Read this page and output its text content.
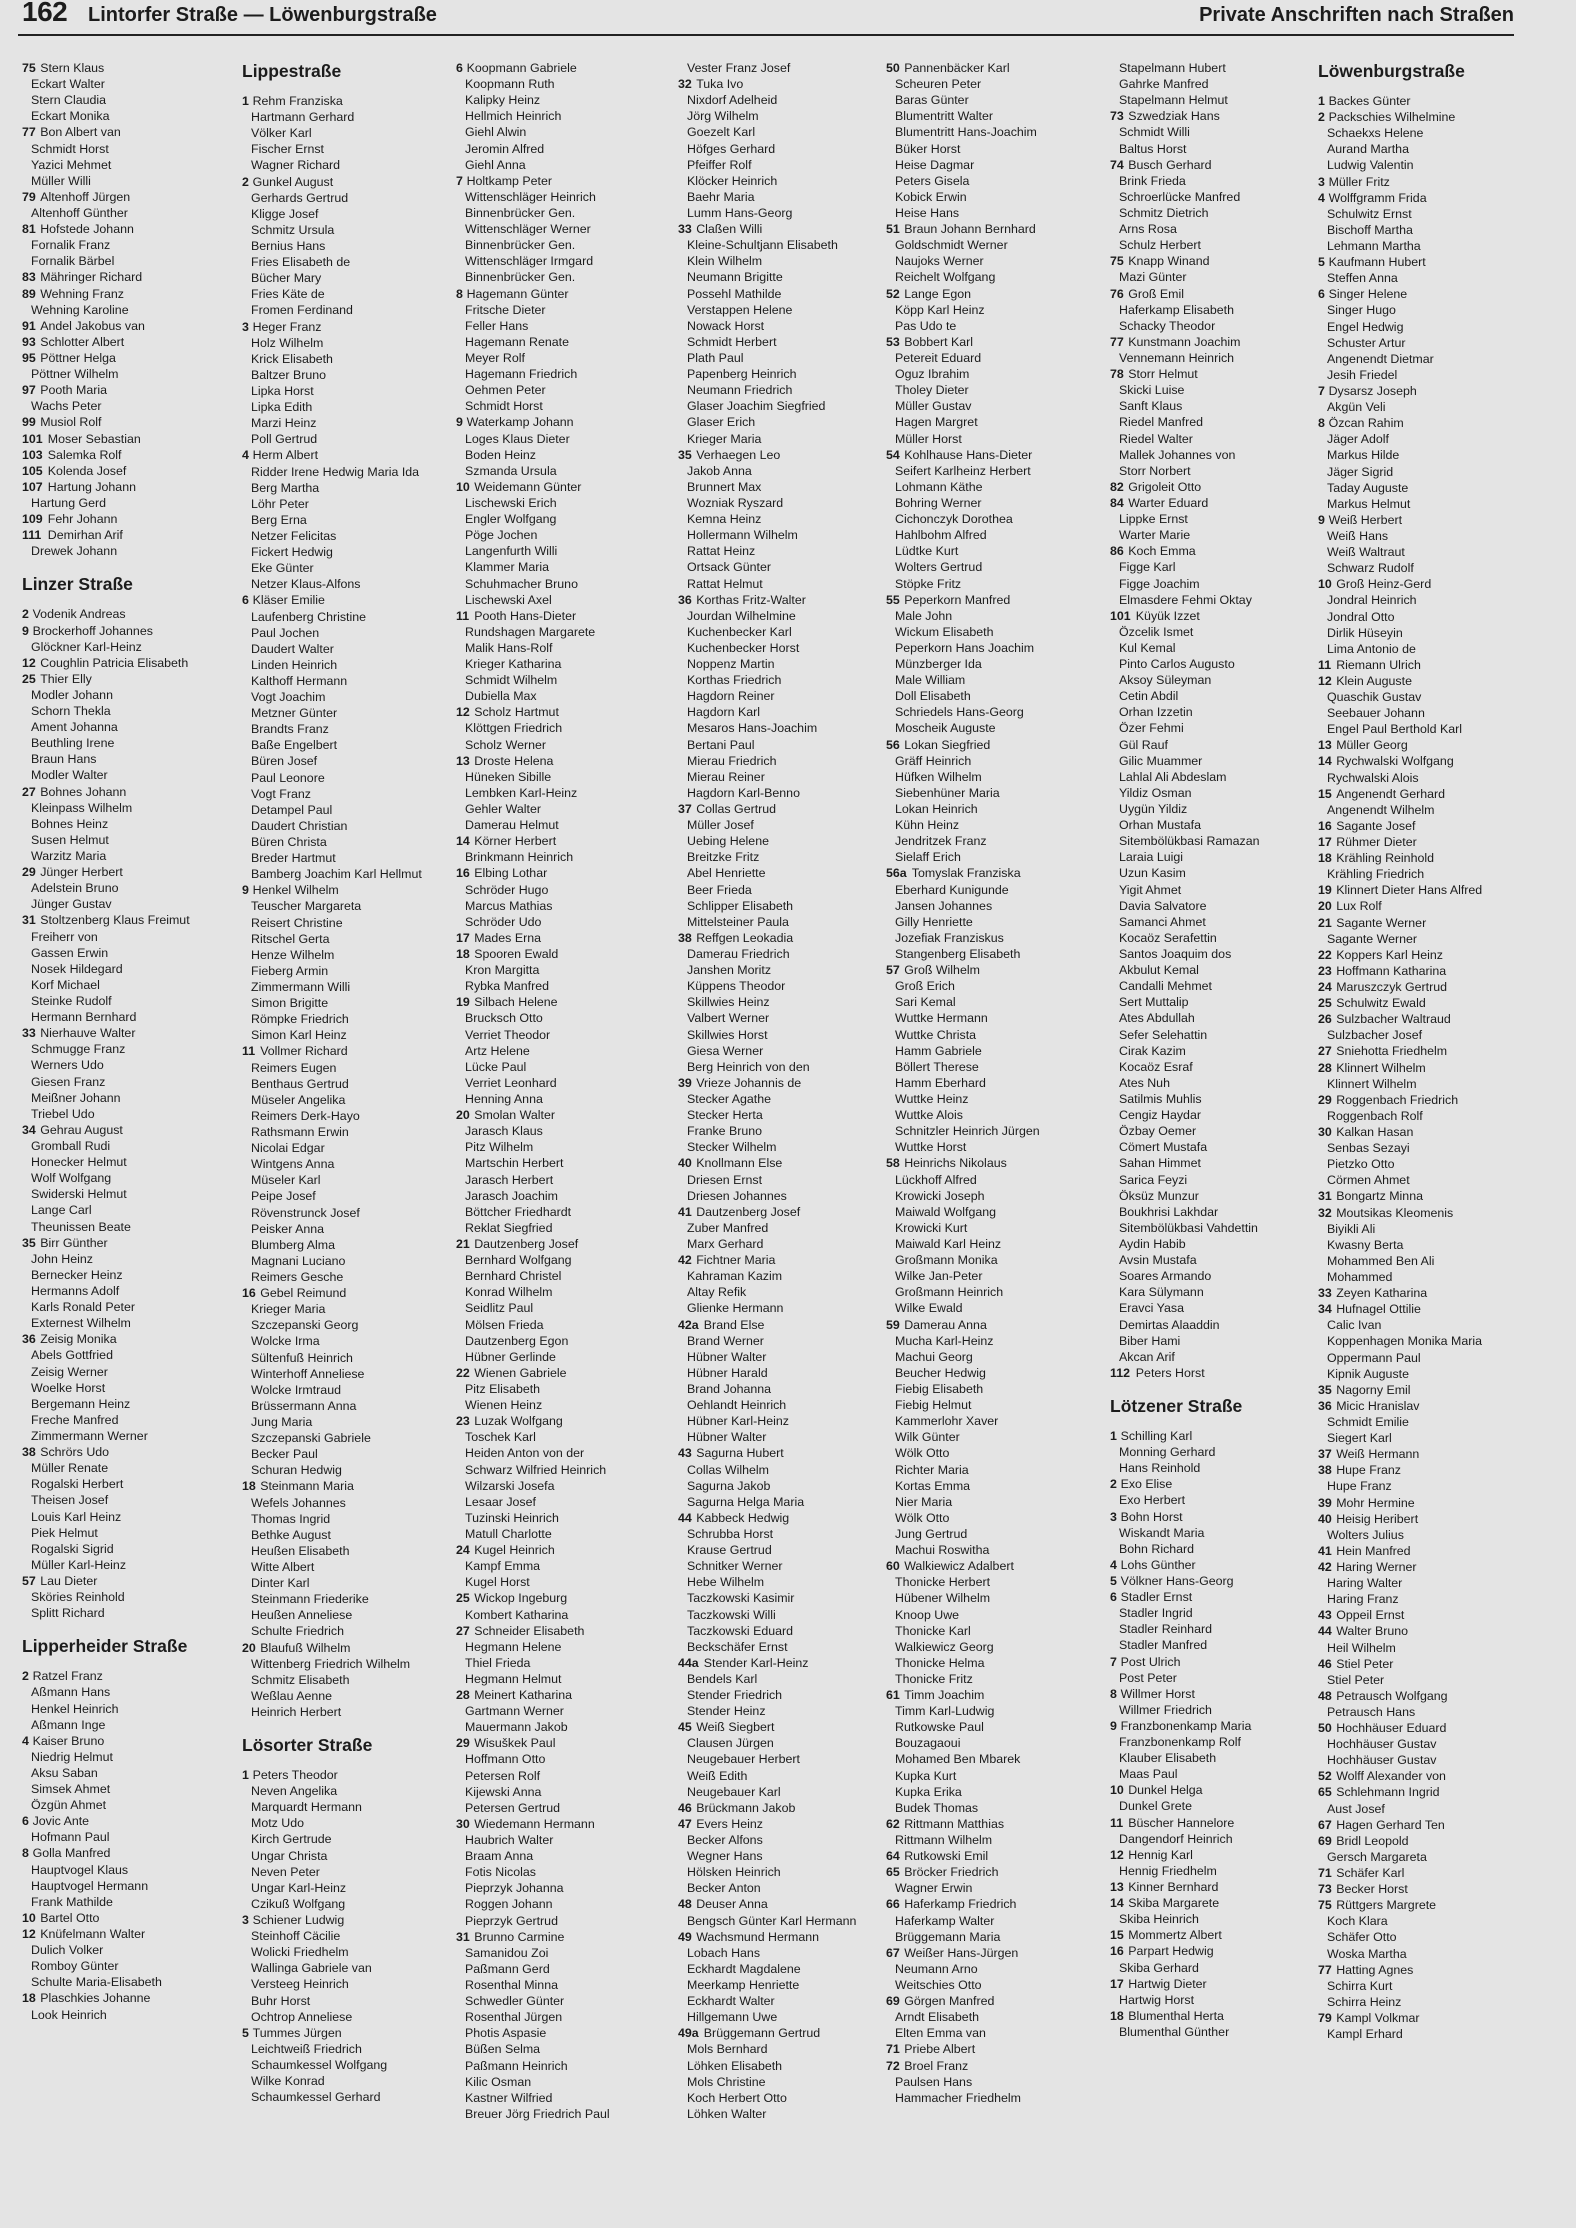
162 Lintorfer Straße — Löwenburgstraße	Private Anschriften nach Straßen
75 Stern Klaus
Eckart Walter
Stern Claudia
Eckart Monika
77 Bon Albert van
Schmidt Horst
Yazici Mehmet
Müller Willi
79 Altenhoff Jürgen
Altenhoff Günther
81 Hofstede Johann
Fornalik Franz
Fornalik Bärbel
83 Mähringer Richard
89 Wehning Franz
Wehning Karoline
91 Andel Jakobus van
93 Schlotter Albert
95 Pöttner Helga
Pöttner Wilhelm
97 Pooth Maria
Wachs Peter
99 Musiol Rolf
101 Moser Sebastian
103 Salemka Rolf
105 Kolenda Josef
107 Hartung Johann
Hartung Gerd
109 Fehr Johann
111 Demirhan Arif
Drewek Johann
Linzer Straße
2 Vodenik Andreas
9 Brockerhoff Johannes
Glöckner Karl-Heinz
12 Coughlin Patricia Elisabeth
25 Thier Elly
Modler Johann
Schorn Thekla
Ament Johanna
Beuthling Irene
Braun Hans
Modler Walter
27 Bohnes Johann
Kleinpass Wilhelm
Bohnes Heinz
Susen Helmut
Warzitz Maria
29 Jünger Herbert
Adelstein Bruno
Jünger Gustav
31 Stoltzenberg Klaus Freimut
Freiherr von
Gassen Erwin
Nosek Hildegard
Korf Michael
Steinke Rudolf
Hermann Bernhard
33 Nierhauve Walter
Schmugge Franz
Werners Udo
Giesen Franz
Meißner Johann
Triebel Udo
34 Gehrau August
Gromball Rudi
Honecker Helmut
Wolf Wolfgang
Swiderski Helmut
Lange Carl
Theunissen Beate
35 Birr Günther
John Heinz
Bernecker Heinz
Hermanns Adolf
Karls Ronald Peter
Externest Wilhelm
36 Zeisig Monika
Abels Gottfried
Zeisig Werner
Woelke Horst
Bergemann Heinz
Freche Manfred
Zimmermann Werner
38 Schrörs Udo
Müller Renate
Rogalski Herbert
Theisen Josef
Louis Karl Heinz
Piek Helmut
Rogalski Sigrid
Müller Karl-Heinz
57 Lau Dieter
Sköries Reinhold
Splitt Richard
Lipperheider Straße
2 Ratzel Franz
Aßmann Hans
Henkel Heinrich
Aßmann Inge
4 Kaiser Bruno
Niedrig Helmut
Aksu Saban
Simsek Ahmet
Özgün Ahmet
6 Jovic Ante
Hofmann Paul
8 Golla Manfred
Hauptvogel Klaus
Hauptvogel Hermann
Frank Mathilde
10 Bartel Otto
12 Knüfelmann Walter
Dulich Volker
Romboy Günter
Schulte Maria-Elisabeth
18 Plaschkies Johanne
Look Heinrich
Lippestraße
1 Rehm Franziska
Hartmann Gerhard
Völker Karl
Fischer Ernst
Wagner Richard
2 Gunkel August
Gerhards Gertrud
Kligge Josef
Schmitz Ursula
Bernius Hans
Fries Elisabeth de
Bücher Mary
Fries Käte de
Fromen Ferdinand
3 Heger Franz
Holz Wilhelm
Krick Elisabeth
Baltzer Bruno
Lipka Horst
Lipka Edith
Marzi Heinz
Poll Gertrud
4 Herm Albert
Ridder Irene Hedwig Maria Ida
Berg Martha
Löhr Peter
Berg Erna
Netzer Felicitas
Fickert Hedwig
Eke Günter
Netzer Klaus-Alfons
6 Kläser Emilie
Laufenberg Christine
Paul Jochen
Daudert Walter
Linden Heinrich
Kalthoff Hermann
Vogt Joachim
Metzner Günter
Brandts Franz
Baße Engelbert
Büren Josef
Paul Leonore
Vogt Franz
Detampel Paul
Daudert Christian
Büren Christa
Breder Hartmut
Bamberg Joachim Karl Hellmut
9 Henkel Wilhelm
Teuscher Margareta
Reisert Christine
Ritschel Gerta
Henze Wilhelm
Fieberg Armin
Zimmermann Willi
Simon Brigitte
Römpke Friedrich
Simon Karl Heinz
11 Vollmer Richard
Reimers Eugen
Benthaus Gertrud
Müseler Angelika
Reimers Derk-Hayo
Rathsmann Erwin
Nicolai Edgar
Wintgens Anna
Müseler Karl
Peipe Josef
Rövenstrunck Josef
Peisker Anna
Blumberg Alma
Magnani Luciano
Reimers Gesche
16 Gebel Reimund
Krieger Maria
Szczepanski Georg
Wolcke Irma
Sültenfuß Heinrich
Winterhoff Anneliese
Wolcke Irmtraud
Brüssermann Anna
Jung Maria
Szczepanski Gabriele
Becker Paul
Schuran Hedwig
18 Steinmann Maria
Wefels Johannes
Thomas Ingrid
Bethke August
Heußen Elisabeth
Witte Albert
Dinter Karl
Steinmann Friederike
Heußen Anneliese
Schulte Friedrich
20 Blaufuß Wilhelm
Wittenberg Friedrich Wilhelm
Schmitz Elisabeth
Weßlau Aenne
Heinrich Herbert
Lösorter Straße
1 Peters Theodor
Neven Angelika
Marquardt Hermann
Motz Udo
Kirch Gertrude
Ungar Christa
Neven Peter
Ungar Karl-Heinz
Czikuß Wolfgang
3 Schiener Ludwig
Steinhoff Cäcilie
Wolicki Friedhelm
Wallinga Gabriele van
Versteeg Heinrich
Buhr Horst
Ochtrop Anneliese
5 Tummes Jürgen
Leichtweiß Friedrich
Schaumkessel Wolfgang
Wilke Konrad
Schaumkessel Gerhard
6 Koopmann Gabriele
Koopmann Ruth
Kalipky Heinz
Hellmich Heinrich
Giehl Alwin
Jeromin Alfred
Giehl Anna
7 Holtkamp Peter
Wittenschläger Heinrich
Binnenbrücker Gen.
Wittenschläger Werner
Binnenbrücker Gen.
Wittenschläger Irmgard
Binnenbrücker Gen.
8 Hagemann Günter
Fritsche Dieter
Feller Hans
Hagemann Renate
Meyer Rolf
Hagemann Friedrich
Oehmen Peter
Schmidt Horst
9 Waterkamp Johann
Loges Klaus Dieter
Boden Heinz
Szmanda Ursula
10 Weidemann Günter
Lischewski Erich
Engler Wolfgang
Pöge Jochen
Langenfurth Willi
Klammer Maria
Schuhmacher Bruno
Lischewski Axel
11 Pooth Hans-Dieter
Rundshagen Margarete
Malik Hans-Rolf
Krieger Katharina
Schmidt Wilhelm
Dubiella Max
12 Scholz Hartmut
Klöttgen Friedrich
Scholz Werner
13 Droste Helena
Hüneken Sibille
Lembken Karl-Heinz
Gehler Walter
Damerau Helmut
14 Körner Herbert
Brinkmann Heinrich
16 Elbing Lothar
Schröder Hugo
Marcus Mathias
Schröder Udo
17 Mades Erna
18 Spooren Ewald
Kron Margitta
Rybka Manfred
19 Silbach Helene
Brucksch Otto
Verriet Theodor
Artz Helene
Lücke Paul
Verriet Leonhard
Henning Anna
20 Smolan Walter
Jarasch Klaus
Pitz Wilhelm
Martschin Herbert
Jarasch Herbert
Jarasch Joachim
Böttcher Friedhardt
Reklat Siegfried
21 Dautzenberg Josef
Bernhard Wolfgang
Bernhard Christel
Konrad Wilhelm
Seidlitz Paul
Mölsen Frieda
Dautzenberg Egon
Hübner Gerlinde
22 Wienen Gabriele
Pitz Elisabeth
Wienen Heinz
23 Luzak Wolfgang
Toschek Karl
Heiden Anton von der
Schwarz Wilfried Heinrich
Wilzarski Josefa
Lesaar Josef
Tuzinski Heinrich
Matull Charlotte
24 Kugel Heinrich
Kampf Emma
Kugel Horst
25 Wickop Ingeburg
Kombert Katharina
27 Schneider Elisabeth
Hegmann Helene
Thiel Frieda
Hegmann Helmut
28 Meinert Katharina
Gartmann Werner
Mauermann Jakob
29 Wisuškek Paul
Hoffmann Otto
Petersen Rolf
Kijewski Anna
Petersen Gertrud
30 Wiedemann Hermann
Haubrich Walter
Braam Anna
Fotis Nicolas
Pieprzyk Johanna
Roggen Johann
Pieprzyk Gertrud
31 Brunno Carmine
Samanidou Zoi
Paßmann Gerd
Rosenthal Minna
Schwedler Günter
Rosenthal Jürgen
Photis Aspasie
Büßen Selma
Paßmann Heinrich
Kilic Osman
Kastner Wilfried
Breuer Jörg Friedrich Paul
Vester Franz Josef
32 Tuka Ivo
Nixdorf Adelheid
Jörg Wilhelm
Goezelt Karl
Höfges Gerhard
Pfeiffer Rolf
Klöcker Heinrich
Baehr Maria
Lumm Hans-Georg
33 Claßen Willi
Kleine-Schultjann Elisabeth
Klein Wilhelm
Neumann Brigitte
Possehl Mathilde
Verstappen Helene
Nowack Horst
Schmidt Herbert
Plath Paul
Papenberg Heinrich
Neumann Friedrich
Glaser Joachim Siegfried
Glaser Erich
Krieger Maria
35 Verhaegen Leo
Jakob Anna
Brunnert Max
Wozniak Ryszard
Kemna Heinz
Hollermann Wilhelm
Rattat Heinz
Ortsack Günter
Rattat Helmut
36 Korthas Fritz-Walter
Jourdan Wilhelmine
Kuchenbecker Karl
Kuchenbecker Horst
Noppenz Martin
Korthas Friedrich
Hagdorn Reiner
Hagdorn Karl
Mesaros Hans-Joachim
Bertani Paul
Mierau Friedrich
Mierau Reiner
Hagdorn Karl-Benno
37 Collas Gertrud
Müller Josef
Uebing Helene
Breitzke Fritz
Abel Henriette
Beer Frieda
Schlipper Elisabeth
Mittelsteiner Paula
38 Reffgen Leokadia
Damerau Friedrich
Janshen Moritz
Küppens Theodor
Skillwies Heinz
Valbert Werner
Skillwies Horst
Giesa Werner
Berg Heinrich von den
39 Vrieze Johannis de
Stecker Agathe
Stecker Herta
Franke Bruno
Stecker Wilhelm
40 Knollmann Else
Driesen Ernst
Driesen Johannes
41 Dautzenberg Josef
Zuber Manfred
Marx Gerhard
42 Fichtner Maria
Kahraman Kazim
Altay Refik
Glienke Hermann
42a Brand Else
Brand Werner
Hübner Walter
Hübner Harald
Brand Johanna
Oehlandt Heinrich
Hübner Karl-Heinz
Hübner Walter
43 Sagurna Hubert
Collas Wilhelm
Sagurna Jakob
Sagurna Helga Maria
44 Kabbeck Hedwig
Schrubba Horst
Krause Gertrud
Schnitker Werner
Hebe Wilhelm
Taczkowski Kasimir
Taczkowski Willi
Taczkowski Eduard
Beckschäfer Ernst
44a Stender Karl-Heinz
Bendels Karl
Stender Friedrich
Stender Heinz
45 Weiß Siegbert
Clausen Jürgen
Neugebauer Herbert
Weiß Edith
Neugebauer Karl
46 Brückmann Jakob
47 Evers Heinz
Becker Alfons
Wegner Hans
Hölsken Heinrich
Becker Anton
48 Deuser Anna
Bengsch Günter Karl Hermann
49 Wachsmund Hermann
Lobach Hans
Eckhardt Magdalene
Meerkamp Henriette
Eckhardt Walter
Hillgemann Uwe
49a Brüggemann Gertrud
Mols Bernhard
Löhken Elisabeth
Mols Christine
Koch Herbert Otto
Löhken Walter
50 Pannenbäcker Karl
Scheuren Peter
Baras Günter
Blumentritt Walter
Blumentritt Hans-Joachim
Büker Horst
Heise Dagmar
Peters Gisela
Kobick Erwin
Heise Hans
51 Braun Johann Bernhard
Goldschmidt Werner
Naujoks Werner
Reichelt Wolfgang
52 Lange Egon
Köpp Karl Heinz
Pas Udo te
53 Bobbert Karl
Petereit Eduard
Oguz Ibrahim
Tholey Dieter
Müller Gustav
Hagen Margret
Müller Horst
54 Kohlhause Hans-Dieter
Seifert Karlheinz Herbert
Lohmann Käthe
Bohring Werner
Cichonczyk Dorothea
Hahlbohm Alfred
Lüdtke Kurt
Wolters Gertrud
Stöpke Fritz
55 Peperkorn Manfred
Male John
Wickum Elisabeth
Peperkorn Hans Joachim
Münzberger Ida
Male William
Doll Elisabeth
Schriedels Hans-Georg
Moscheik Auguste
56 Lokan Siegfried
Gräff Heinrich
Hüfken Wilhelm
Siebenhüner Maria
Lokan Heinrich
Kühn Heinz
Jendritzek Franz
Sielaff Erich
56a Tomyslak Franziska
Eberhard Kunigunde
Jansen Johannes
Gilly Henriette
Jozefiak Franziskus
Stangenberg Elisabeth
57 Groß Wilhelm
Groß Erich
Sari Kemal
Wuttke Hermann
Wuttke Christa
Hamm Gabriele
Böllert Therese
Hamm Eberhard
Wuttke Heinz
Wuttke Alois
Schnitzler Heinrich Jürgen
Wuttke Horst
58 Heinrichs Nikolaus
Lückhoff Alfred
Krowicki Joseph
Maiwald Wolfgang
Krowicki Kurt
Maiwald Karl Heinz
Großmann Monika
Wilke Jan-Peter
Großmann Heinrich
Wilke Ewald
59 Damerau Anna
Mucha Karl-Heinz
Machui Georg
Beucher Hedwig
Fiebig Elisabeth
Fiebig Helmut
Kammerlohr Xaver
Wilk Günter
Wölk Otto
Richter Maria
Kortas Emma
Nier Maria
Wölk Otto
Jung Gertrud
Machui Roswitha
60 Walkiewicz Adalbert
Thonicke Herbert
Hübener Wilhelm
Knoop Uwe
Thonicke Karl
Walkiewicz Georg
Thonicke Helma
Thonicke Fritz
61 Timm Joachim
Timm Karl-Ludwig
Rutkowske Paul
Bouzagaoui
Mohamed Ben Mbarek
Kupka Kurt
Kupka Erika
Budek Thomas
62 Rittmann Matthias
Rittmann Wilhelm
64 Rutkowski Emil
65 Bröcker Friedrich
Wagner Erwin
66 Haferkamp Friedrich
Haferkamp Walter
Brüggemann Maria
67 Weißer Hans-Jürgen
Neumann Arno
Weitschies Otto
69 Görgen Manfred
Arndt Elisabeth
Elten Emma van
71 Priebe Albert
72 Broel Franz
Paulsen Hans
Hammacher Friedhelm
Stapelmann Hubert
Gahrke Manfred
Stapelmann Helmut
73 Szwedziak Hans
Schmidt Willi
Baltus Horst
74 Busch Gerhard
Brink Frieda
Schroerlücke Manfred
Schmitz Dietrich
Arns Rosa
Schulz Herbert
75 Knapp Winand
Mazi Günter
76 Groß Emil
Haferkamp Elisabeth
Schacky Theodor
77 Kunstmann Joachim
Vennemann Heinrich
78 Storr Helmut
Skicki Luise
Sanft Klaus
Riedel Manfred
Riedel Walter
Mallek Johannes von
Storr Norbert
82 Grigoleit Otto
84 Warter Eduard
Lippke Ernst
Warter Marie
86 Koch Emma
Figge Karl
Figge Joachim
Elmasdere Fehmi Oktay
101 Küyük Izzet
Özcelik Ismet
Kul Kemal
Pinto Carlos Augusto
Aksoy Süleyman
Cetin Abdil
Orhan Izzetin
Özer Fehmi
Gül Rauf
Gilic Muammer
Lahlal Ali Abdeslam
Yildiz Osman
Uygün Yildiz
Orhan Mustafa
Sitembölükbasi Ramazan
Laraia Luigi
Uzun Kasim
Yigit Ahmet
Davia Salvatore
Samanci Ahmet
Kocaöz Serafettin
Santos Joaquim dos
Akbulut Kemal
Candalli Mehmet
Sert Muttalip
Ates Abdullah
Sefer Selehattin
Cirak Kazim
Kocaöz Esraf
Ates Nuh
Satilmis Muhlis
Cengiz Haydar
Özbay Oemer
Cömert Mustafa
Sahan Himmet
Sarica Feyzi
Öksüz Munzur
Boukhrisi Lakhdar
Sitembölükbasi Vahdettin
Aydin Habib
Avsin Mustafa
Soares Armando
Kara Sülymann
Eravci Yasa
Demirtas Alaaddin
Biber Hami
Akcan Arif
112 Peters Horst
Lötzener Straße
1 Schilling Karl
Monning Gerhard
Hans Reinhold
2 Exo Elise
Exo Herbert
3 Bohn Horst
Wiskandt Maria
Bohn Richard
4 Lohs Günther
5 Völkner Hans-Georg
6 Stadler Ernst
Stadler Ingrid
Stadler Reinhard
Stadler Manfred
7 Post Ulrich
Post Peter
8 Willmer Horst
Willmer Friedrich
9 Franzbonenkamp Maria
Franzbonenkamp Rolf
Klauber Elisabeth
Maas Paul
10 Dunkel Helga
Dunkel Grete
11 Büscher Hannelore
Dangendorf Heinrich
12 Hennig Karl
Hennig Friedhelm
13 Kinner Bernhard
14 Skiba Margarete
Skiba Heinrich
15 Mommertz Albert
16 Parpart Hedwig
Skiba Gerhard
17 Hartwig Dieter
Hartwig Horst
18 Blumenthal Herta
Blumenthal Günther
Löwenburgstraße
1 Backes Günter
2 Packschies Wilhelmine
Schaekxs Helene
Aurand Martha
Ludwig Valentin
3 Müller Fritz
4 Wolffgramm Frida
Schulwitz Ernst
Bischoff Martha
Lehmann Martha
5 Kaufmann Hubert
Steffen Anna
6 Singer Helene
Singer Hugo
Engel Hedwig
Schuster Artur
Angenendt Dietmar
Jesih Friedel
7 Dysarsz Joseph
Akgün Veli
8 Özcan Rahim
Jäger Adolf
Markus Hilde
Jäger Sigrid
Taday Auguste
Markus Helmut
9 Weiß Herbert
Weiß Hans
Weiß Waltraut
Schwarz Rudolf
10 Groß Heinz-Gerd
Jondral Heinrich
Jondral Otto
Dirlik Hüseyin
Lima Antonio de
11 Riemann Ulrich
12 Klein Auguste
Quaschik Gustav
Seebauer Johann
Engel Paul Berthold Karl
13 Müller Georg
14 Rychwalski Wolfgang
Rychwalski Alois
15 Angenendt Gerhard
Angenendt Wilhelm
16 Sagante Josef
17 Rühmer Dieter
18 Krähling Reinhold
Krähling Friedrich
19 Klinnert Dieter Hans Alfred
20 Lux Rolf
21 Sagante Werner
Sagante Werner
22 Koppers Karl Heinz
23 Hoffmann Katharina
24 Maruszczyk Gertrud
25 Schulwitz Ewald
26 Sulzbacher Waltraud
Sulzbacher Josef
27 Sniehotta Friedhelm
28 Klinnert Wilhelm
Klinnert Wilhelm
29 Roggenbach Friedrich
Roggenbach Rolf
30 Kalkan Hasan
Senbas Sezayi
Pietzko Otto
Cörmen Ahmet
31 Bongartz Minna
32 Moutsikas Kleomenis
Biyikli Ali
Kwasny Berta
Mohammed Ben Ali
Mohammed
33 Zeyen Katharina
34 Hufnagel Ottilie
Calic Ivan
Koppenhagen Monika Maria
Oppermann Paul
Kipnik Auguste
35 Nagorny Emil
36 Micic Hranislav
Schmidt Emilie
Siegert Karl
37 Weiß Hermann
38 Hupe Franz
Hupe Franz
39 Mohr Hermine
40 Heisig Heribert
Wolters Julius
41 Hein Manfred
42 Haring Werner
Haring Walter
Haring Franz
43 Oppeil Ernst
44 Walter Bruno
Heil Wilhelm
46 Stiel Peter
Stiel Peter
48 Petrausch Wolfgang
Petrausch Hans
50 Hochhäuser Eduard
Hochhäuser Gustav
Hochhäuser Gustav
52 Wolff Alexander von
65 Schlehmann Ingrid
Aust Josef
67 Hagen Gerhard Ten
69 Bridl Leopold
Gersch Margareta
71 Schäfer Karl
73 Becker Horst
75 Rüttgers Margrete
Koch Klara
Schäfer Otto
Woska Martha
77 Hatting Agnes
Schirra Kurt
Schirra Heinz
79 Kampl Volkmar
Kampl Erhard
